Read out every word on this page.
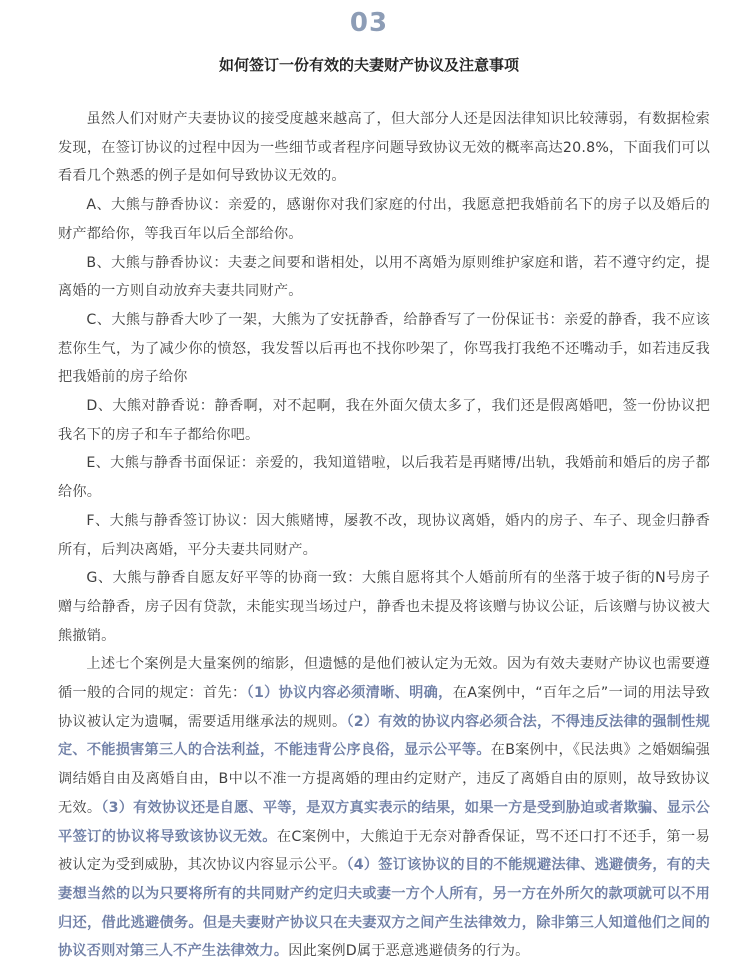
03
如何签订一份有效的夫妻财产协议及注意事项

虽然人们对财产夫妻协议的接受度越来越高了，但大部分人还是因法律知识比较薄弱，有数据检索发现，在签订协议的过程中因为一些细节或者程序问题导致协议无效的概率高达20.8%，下面我们可以看看几个熟悉的例子是如何导致协议无效的。

A、大熊与静香协议：亲爱的，感谢你对我们家庭的付出，我愿意把我婚前名下的房子以及婚后的财产都给你，等我百年以后全部给你。

B、大熊与静香协议：夫妻之间要和谐相处，以用不离婚为原则维护家庭和谐，若不遵守约定，提离婚的一方则自动放弃夫妻共同财产。

C、大熊与静香大吵了一架，大熊为了安抚静香，给静香写了一份保证书：亲爱的静香，我不应该惹你生气，为了减少你的愤怒，我发誓以后再也不找你吵架了，你骂我打我绝不还嘴动手，如若违反我把我婚前的房子给你

D、大熊对静香说：静香啊，对不起啊，我在外面欠债太多了，我们还是假离婚吧，签一份协议把我名下的房子和车子都给你吧。

E、大熊与静香书面保证：亲爱的，我知道错啦，以后我若是再赌博/出轨，我婚前和婚后的房子都给你。

F、大熊与静香签订协议：因大熊赌博，屡教不改，现协议离婚，婚内的房子、车子、现金归静香所有，后判决离婚，平分夫妻共同财产。

G、大熊与静香自愿友好平等的协商一致：大熊自愿将其个人婚前所有的坐落于坡子街的N号房子赠与给静香，房子因有贷款，未能实现当场过户，静香也未提及将该赠与协议公证，后该赠与协议被大熊撤销。

上述七个案例是大量案例的缩影，但遗憾的是他们被认定为无效。因为有效夫妻财产协议也需要遵循一般的合同的规定：首先：（1）协议内容必须清晰、明确，在A案例中，“百年之后”一词的用法导致协议被认定为遗嘱，需要适用继承法的规则。（2）有效的协议内容必须合法，不得违反法律的强制性规定、不能损害第三人的合法利益，不能违背公序良俗，显示公平等。在B案例中，《民法典》之婚姻编强调结婚自由及离婚自由，B中以不准一方提离婚的理由约定财产，违反了离婚自由的原则，故导致协议无效。（3）有效协议还是自愿、平等，是双方真实表示的结果，如果一方是受到胁迫或者欺骗、显示公平签订的协议将导致该协议无效。在C案例中，大熊迫于无奈对静香保证，骂不还口打不还手，第一易被认定为受到威胁，其次协议内容显示公平。（4）签订该协议的目的不能规避法律、逃避债务，有的夫妻想当然的以为只要将所有的共同财产约定归夫或妻一方个人所有，另一方在外所欠的款项就可以不用归还，借此逃避债务。但是夫妻财产协议只在夫妻双方之间产生法律效力，除非第三人知道他们之间的协议否则对第三人不产生法律效力。因此案例D属于恶意逃避债务的行为。
